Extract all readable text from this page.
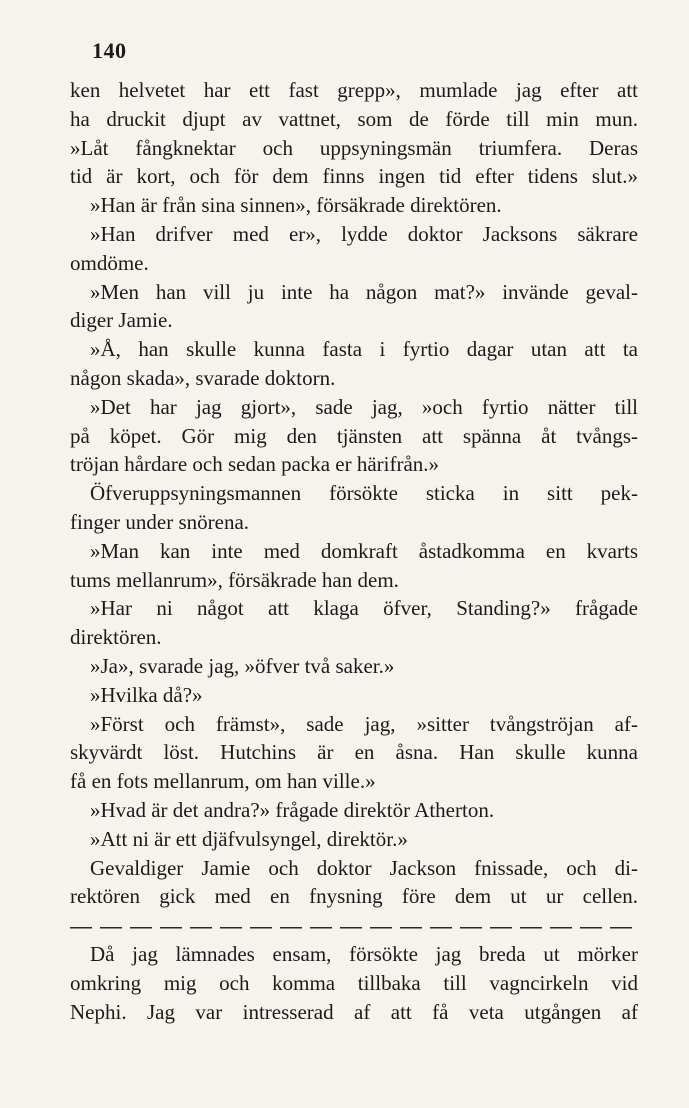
140
ken helvetet har ett fast grepp», mumlade jag efter att
ha druckit djupt av vattnet, som de förde till min mun.
»Låt fångknektar och uppsyningsmän triumfera. Deras
tid är kort, och för dem finns ingen tid efter tidens slut.»
»Han är från sina sinnen», försäkrade direktören.
»Han drifver med er», lydde doktor Jacksons säkrare
omdöme.
»Men han vill ju inte ha någon mat?» invände geval-
diger Jamie.
»Å, han skulle kunna fasta i fyrtio dagar utan att ta
någon skada», svarade doktorn.
»Det har jag gjort», sade jag, »och fyrtio nätter till
på köpet. Gör mig den tjänsten att spänna åt tvångs-
tröjan hårdare och sedan packa er härifrån.»
Öfveruppsyningsmannen försökte sticka in sitt pek-
finger under snörena.
»Man kan inte med domkraft åstadkomma en kvarts
tums mellanrum», försäkrade han dem.
»Har ni något att klaga öfver, Standing?» frågade
direktören.
»Ja», svarade jag, »öfver två saker.»
»Hvilka då?»
»Först och främst», sade jag, »sitter tvångströjan af-
skyvärdt löst. Hutchins är en åsna. Han skulle kunna
få en fots mellanrum, om han ville.»
»Hvad är det andra?» frågade direktör Atherton.
»Att ni är ett djäfvulsyngel, direktör.»
Gevaldiger Jamie och doktor Jackson fnissade, och di-
rektören gick med en fnysning före dem ut ur cellen.
Då jag lämnades ensam, försökte jag breda ut mörker
omkring mig och komma tillbaka till vagncirkeln vid
Nephi. Jag var intresserad af att få veta utgången af
